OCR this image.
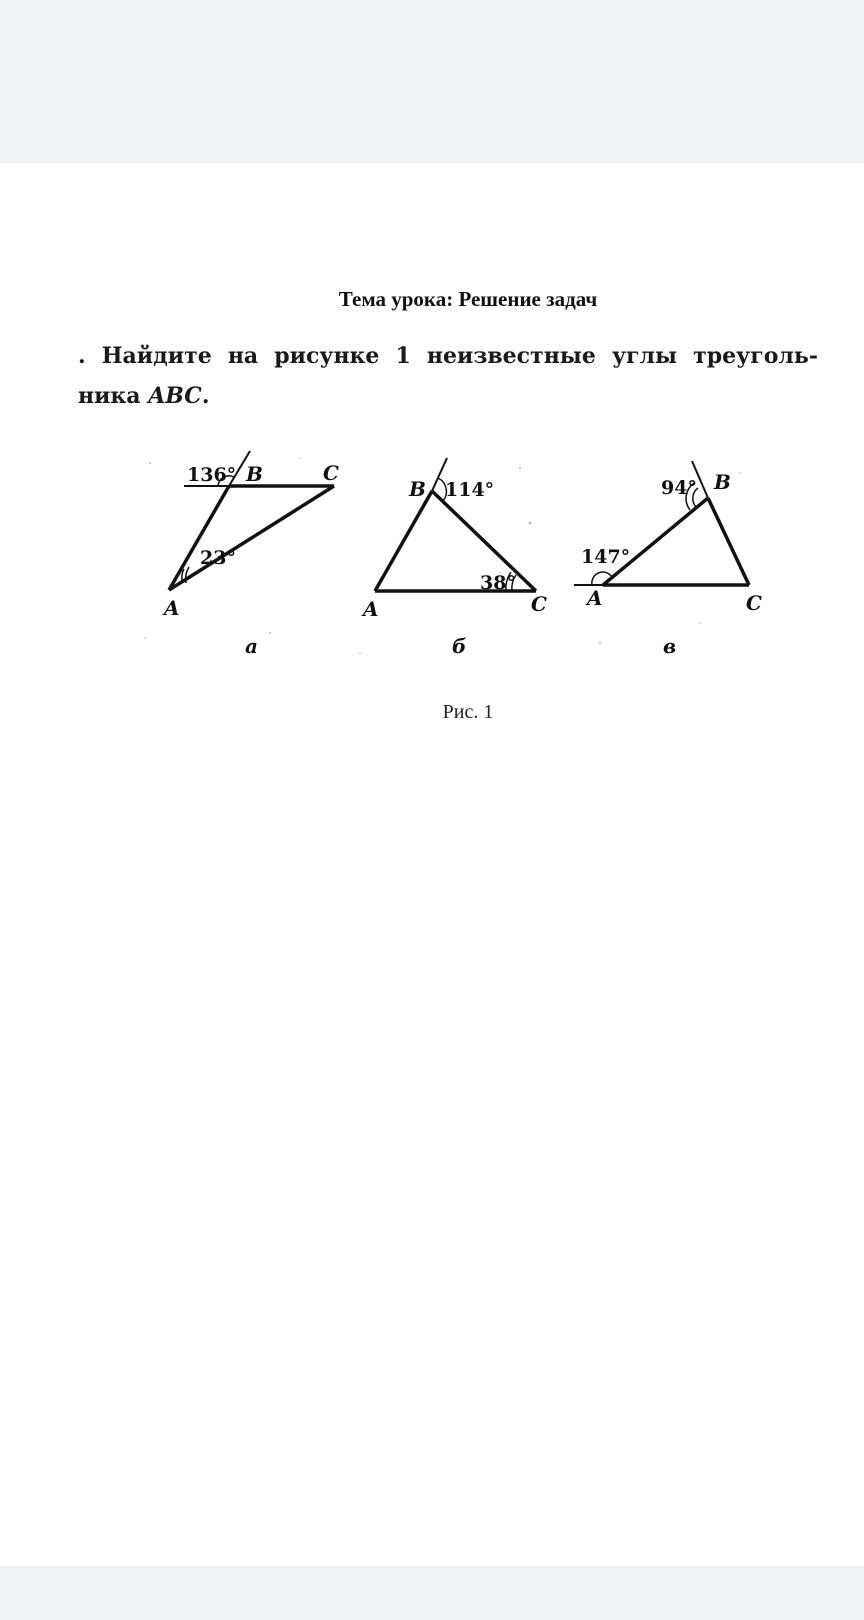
Тема урока: Решение задач
. Найдите на рисунке 1 неизвестные углы треуголь-
ника ABC.
136°
23°
B	C
A
а
114°
38°
B
A	C
б
94°
147°
B
A	C
в
Рис. 1
